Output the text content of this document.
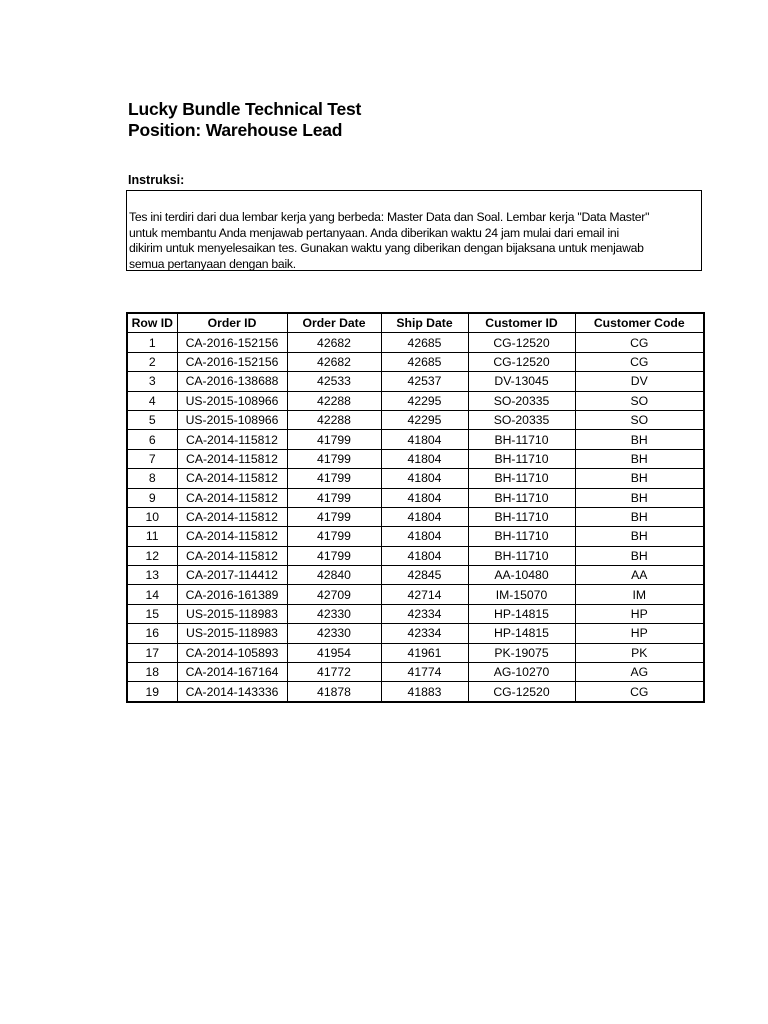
Lucky Bundle Technical Test
Position: Warehouse Lead
Instruksi:
Tes ini terdiri dari dua lembar kerja yang berbeda: Master Data dan Soal. Lembar kerja "Data Master"
untuk membantu Anda menjawab pertanyaan. Anda diberikan waktu 24 jam mulai dari email ini
dikirim untuk menyelesaikan tes. Gunakan waktu yang diberikan dengan bijaksana untuk menjawab
semua pertanyaan dengan baik.
Row ID	Order ID	Order Date	Ship Date	Customer ID	Customer Code
1	CA-2016-152156	42682	42685	CG-12520	CG
2	CA-2016-152156	42682	42685	CG-12520	CG
3	CA-2016-138688	42533	42537	DV-13045	DV
4	US-2015-108966	42288	42295	SO-20335	SO
5	US-2015-108966	42288	42295	SO-20335	SO
6	CA-2014-115812	41799	41804	BH-11710	BH
7	CA-2014-115812	41799	41804	BH-11710	BH
8	CA-2014-115812	41799	41804	BH-11710	BH
9	CA-2014-115812	41799	41804	BH-11710	BH
10	CA-2014-115812	41799	41804	BH-11710	BH
11	CA-2014-115812	41799	41804	BH-11710	BH
12	CA-2014-115812	41799	41804	BH-11710	BH
13	CA-2017-114412	42840	42845	AA-10480	AA
14	CA-2016-161389	42709	42714	IM-15070	IM
15	US-2015-118983	42330	42334	HP-14815	HP
16	US-2015-118983	42330	42334	HP-14815	HP
17	CA-2014-105893	41954	41961	PK-19075	PK
18	CA-2014-167164	41772	41774	AG-10270	AG
19	CA-2014-143336	41878	41883	CG-12520	CG
